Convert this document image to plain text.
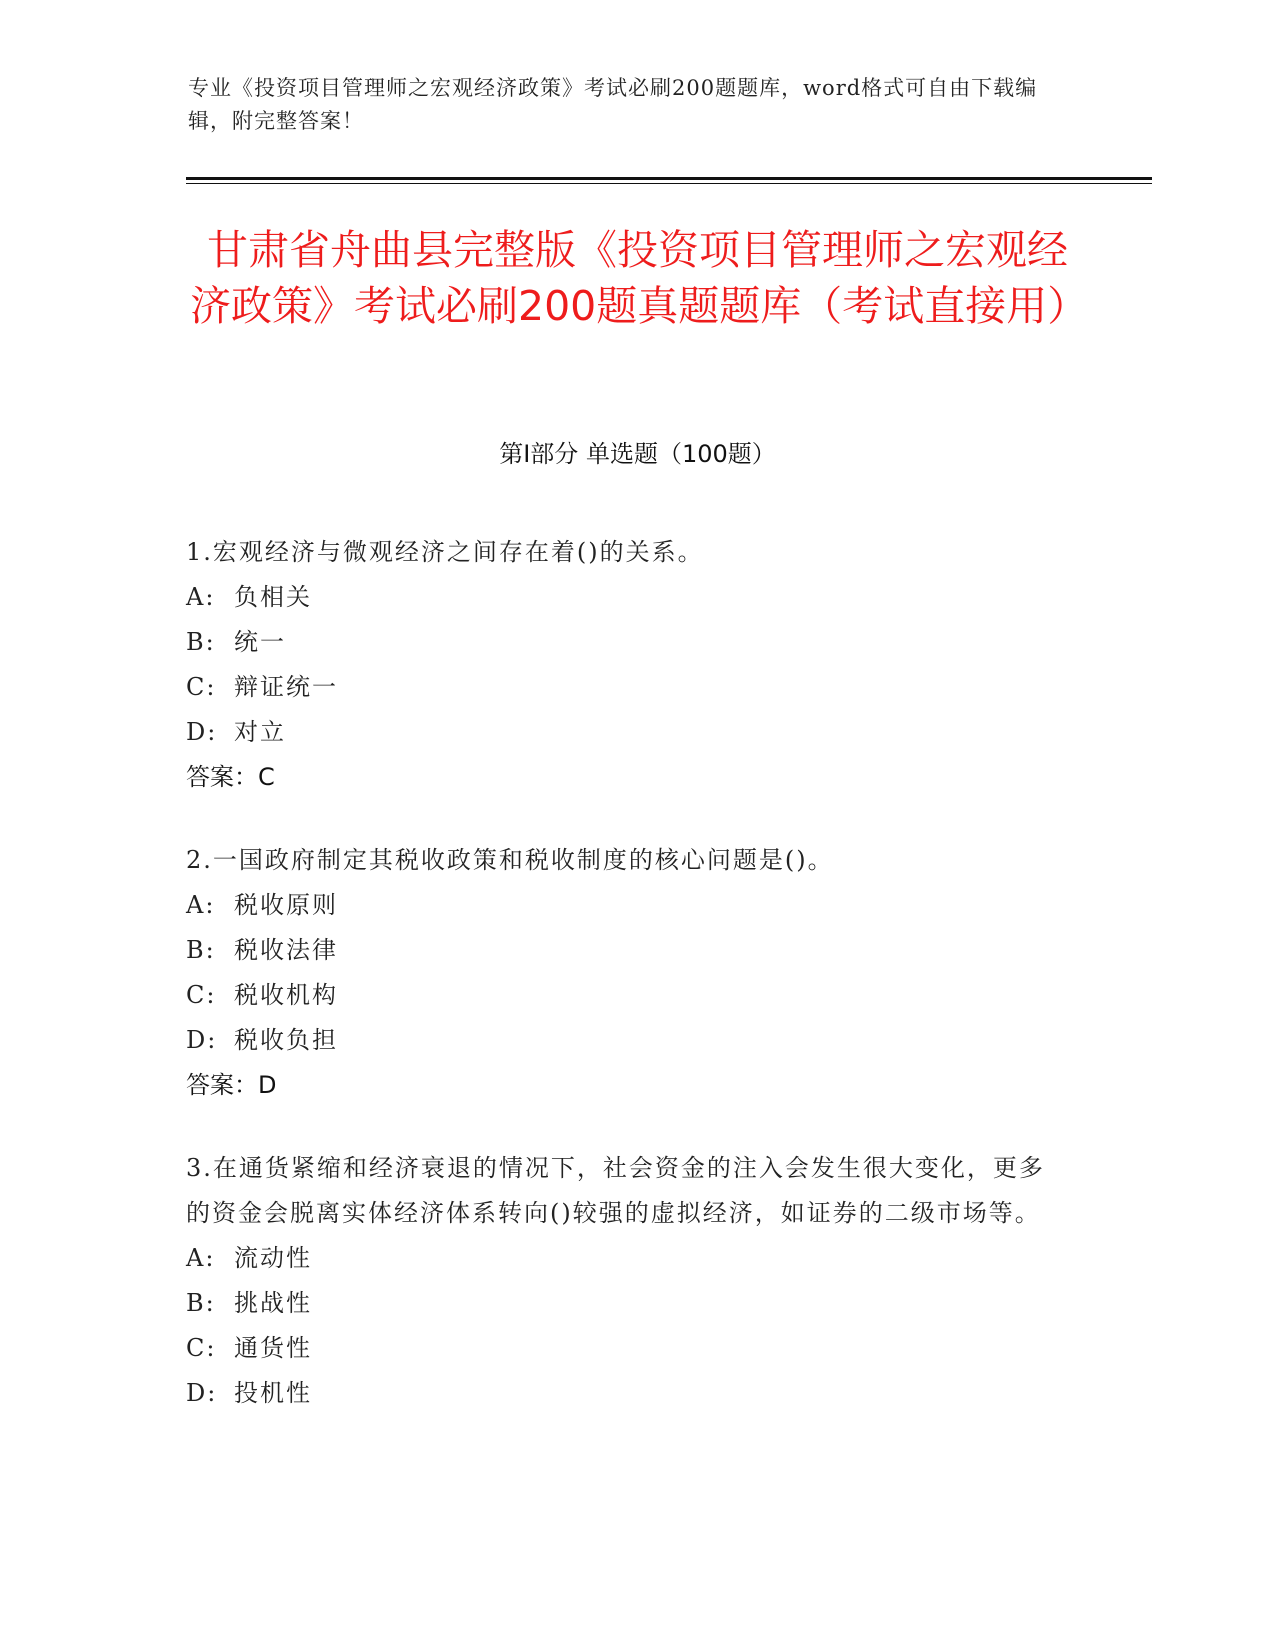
专业《投资项目管理师之宏观经济政策》考试必刷200题题库，word格式可自由下载编辑，附完整答案！
甘肃省舟曲县完整版《投资项目管理师之宏观经济政策》考试必刷200题真题题库（考试直接用）
第I部分 单选题（100题）

1.宏观经济与微观经济之间存在着()的关系。

A: 负相关
B: 统一
C: 辩证统一
D: 对立
答案：C

2.一国政府制定其税收政策和税收制度的核心问题是()。

A: 税收原则
B: 税收法律
C: 税收机构
D: 税收负担
答案：D

3.在通货紧缩和经济衰退的情况下，社会资金的注入会发生很大变化，更多的资金会脱离实体经济体系转向()较强的虚拟经济，如证券的二级市场等。

A: 流动性
B: 挑战性
C: 通货性
D: 投机性
